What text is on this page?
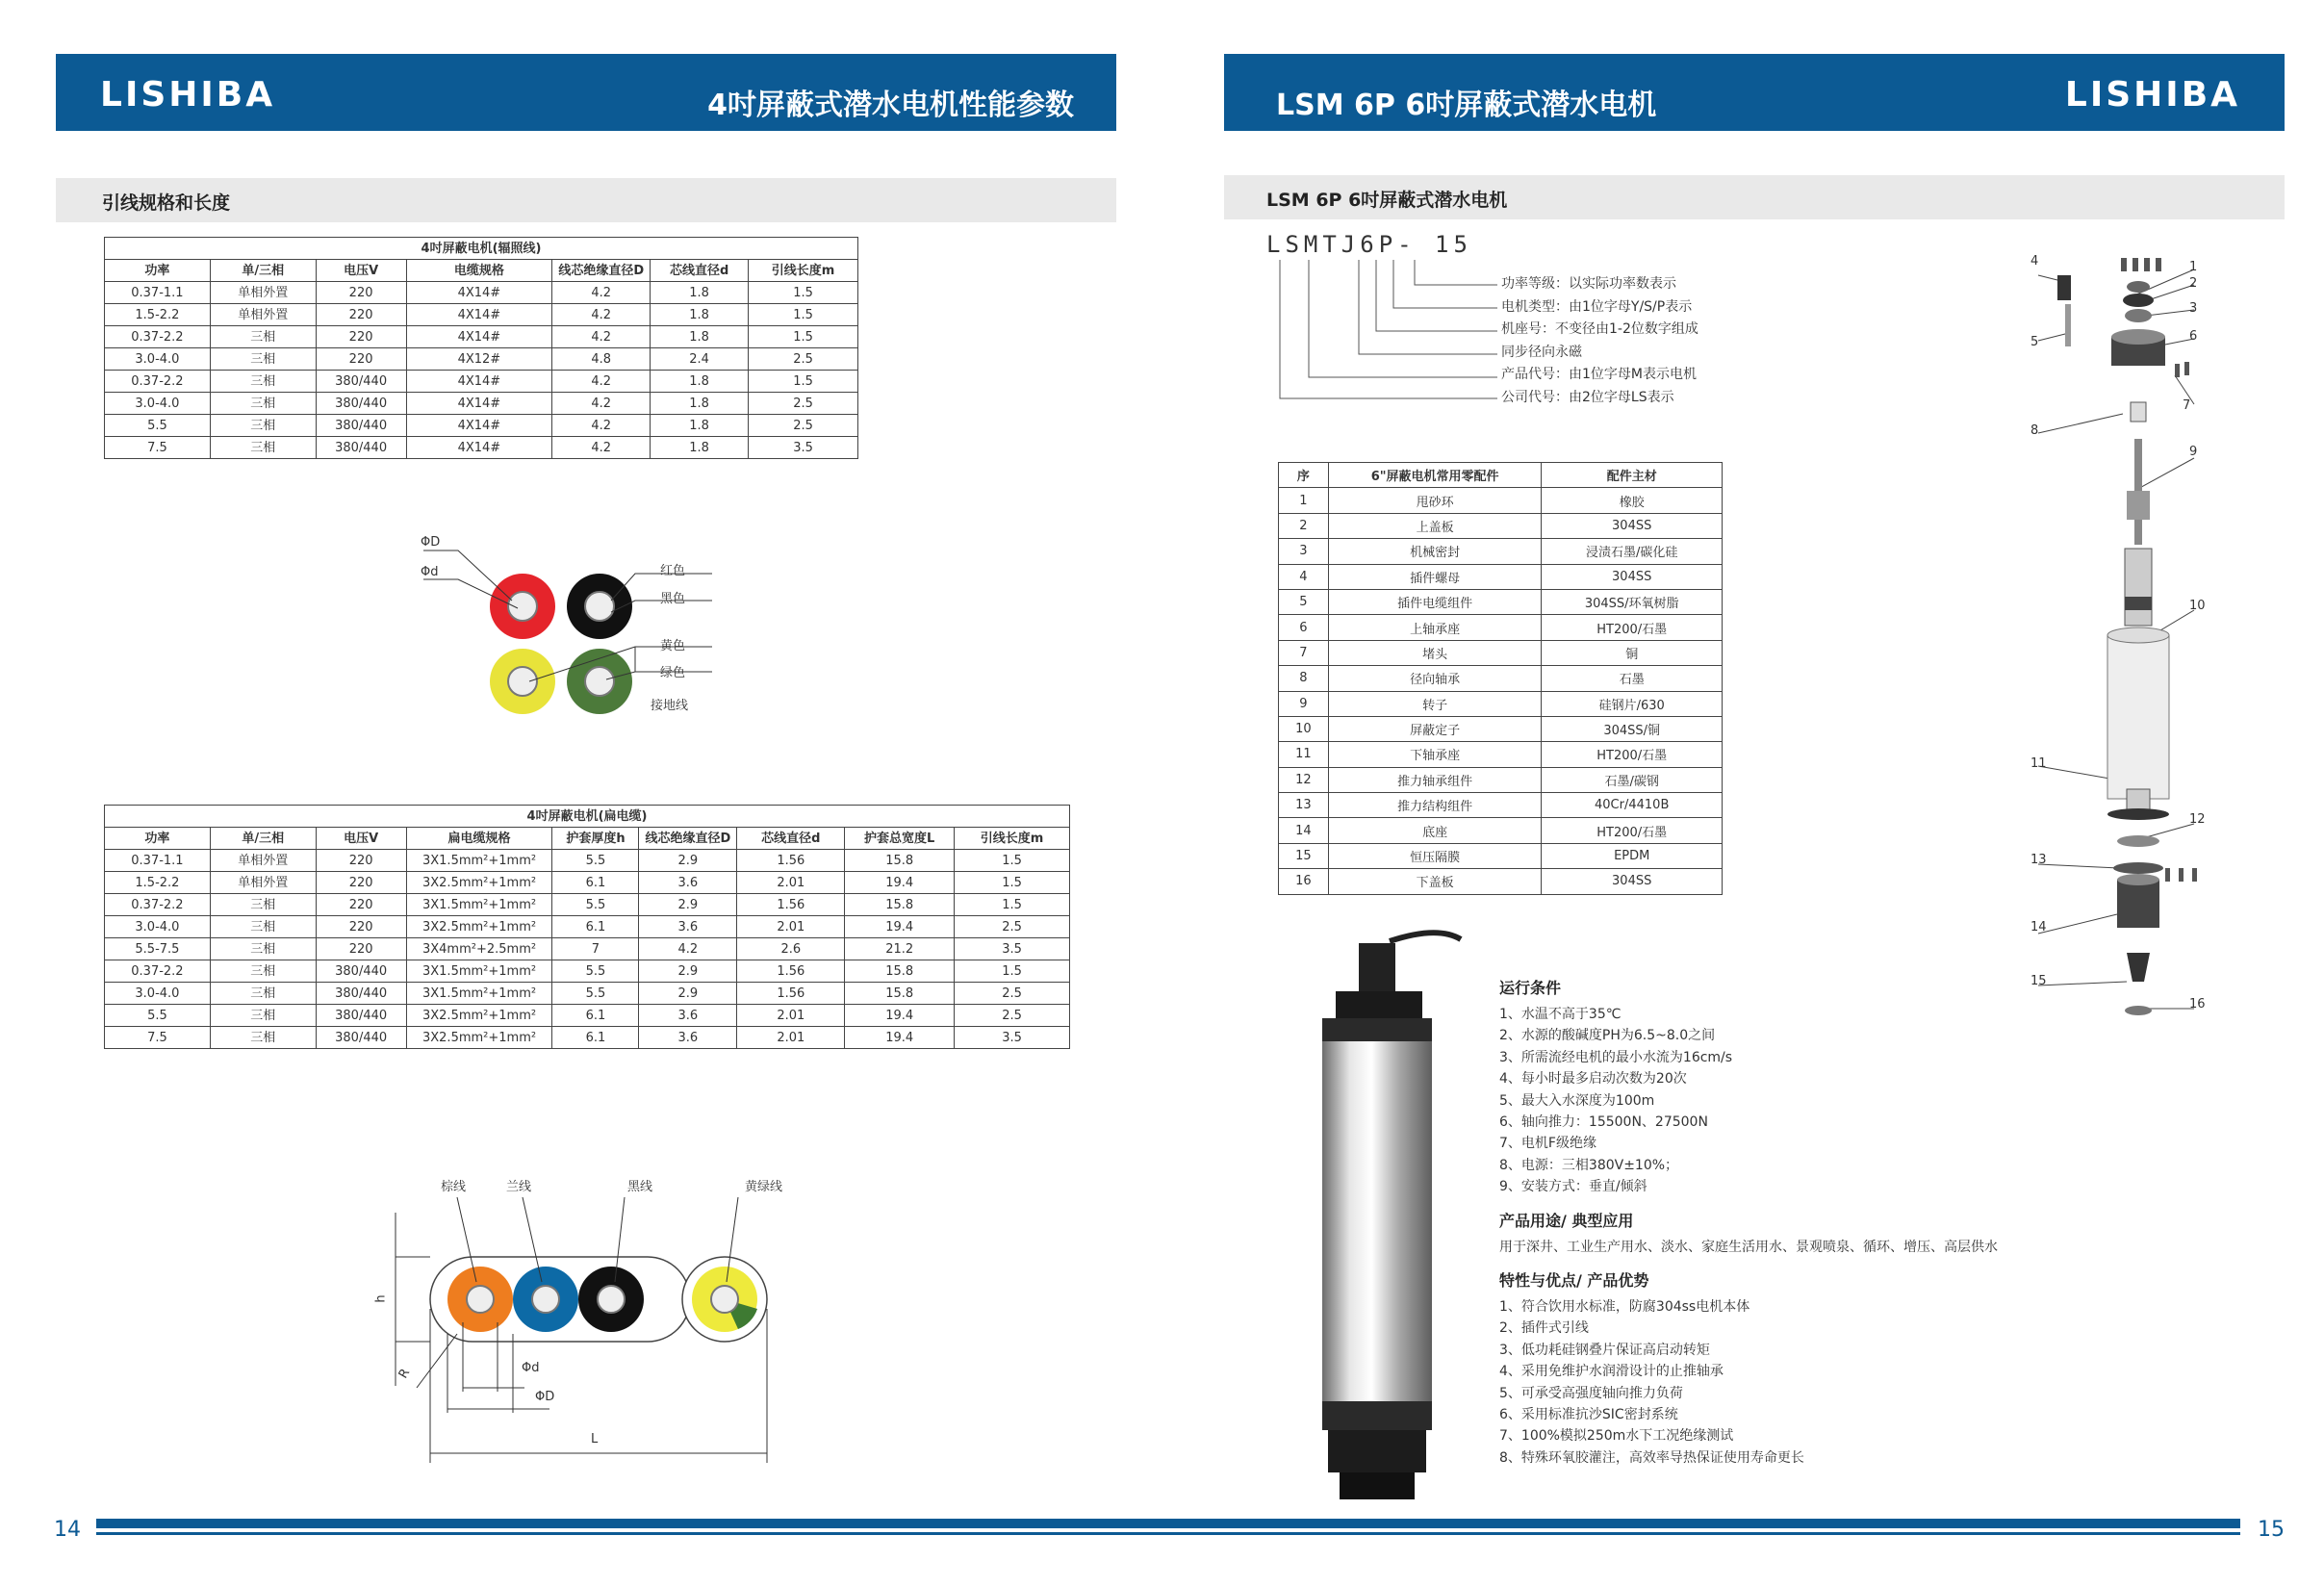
LISHIBA	4吋屏蔽式潜水电机性能参数
引线规格和长度
4吋屏蔽电机(辐照线)						
功率	单/三相	电压V	电缆规格	线芯绝缘直径D	芯线直径d	引线长度m
0.37-1.1	单相外置	220	4X14#	4.2	1.8	1.5
1.5-2.2	单相外置	220	4X14#	4.2	1.8	1.5
0.37-2.2	三相	220	4X14#	4.2	1.8	1.5
3.0-4.0	三相	220	4X12#	4.8	2.4	2.5
0.37-2.2	三相	380/440	4X14#	4.2	1.8	1.5
3.0-4.0	三相	380/440	4X14#	4.2	1.8	2.5
5.5	三相	380/440	4X14#	4.2	1.8	2.5
7.5	三相	380/440	4X14#	4.2	1.8	3.5
ΦD
Φd	红色
黑色
黄色
绿色
接地线
4吋屏蔽电机(扁电缆)								
功率	单/三相	电压V	扁电缆规格	护套厚度h	线芯绝缘直径D	芯线直径d	护套总宽度L	引线长度m
0.37-1.1	单相外置	220	3X1.5mm²+1mm²	5.5	2.9	1.56	15.8	1.5
1.5-2.2	单相外置	220	3X2.5mm²+1mm²	6.1	3.6	2.01	19.4	1.5
0.37-2.2	三相	220	3X1.5mm²+1mm²	5.5	2.9	1.56	15.8	1.5
3.0-4.0	三相	220	3X2.5mm²+1mm²	6.1	3.6	2.01	19.4	2.5
5.5-7.5	三相	220	3X4mm²+2.5mm²	7	4.2	2.6	21.2	3.5
0.37-2.2	三相	380/440	3X1.5mm²+1mm²	5.5	2.9	1.56	15.8	1.5
3.0-4.0	三相	380/440	3X1.5mm²+1mm²	5.5	2.9	1.56	15.8	2.5
5.5	三相	380/440	3X2.5mm²+1mm²	6.1	3.6	2.01	19.4	2.5
7.5	三相	380/440	3X2.5mm²+1mm²	6.1	3.6	2.01	19.4	3.5
棕线	兰线	黑线	黄绿线
h
R	Φd
ΦD
L
14
LSM 6P 6吋屏蔽式潜水电机	LISHIBA
LSM 6P 6吋屏蔽式潜水电机
LSMTJ6P- 15
功率等级：以实际功率数表示
电机类型：由1位字母Y/S/P表示
机座号：不变径由1-2位数字组成
同步径向永磁
产品代号：由1位字母M表示电机
公司代号：由2位字母LS表示
序	6"屏蔽电机常用零配件	配件主材
1	甩砂环	橡胶
2	上盖板	304SS
3	机械密封	浸渍石墨/碳化硅
4	插件螺母	304SS
5	插件电缆组件	304SS/环氧树脂
6	上轴承座	HT200/石墨
7	堵头	铜
8	径向轴承	石墨
9	转子	硅钢片/630
10	屏蔽定子	304SS/铜
11	下轴承座	HT200/石墨
12	推力轴承组件	石墨/碳钢
13	推力结构组件	40Cr/4410B
14	底座	HT200/石墨
15	恒压隔膜	EPDM
16	下盖板	304SS
1
2
3
4
5	6
7
8
9
10
11
12
13
14
15
16
运行条件
1、水温不高于35℃
2、水源的酸碱度PH为6.5~8.0之间
3、所需流经电机的最小水流为16cm/s
4、每小时最多启动次数为20次
5、最大入水深度为100m
6、轴向推力：15500N、27500N
7、电机F级绝缘
8、电源：三相380V±10%；
9、安装方式：垂直/倾斜
产品用途/ 典型应用

用于深井、工业生产用水、淡水、家庭生活用水、景观喷泉、循环、增压、高层供水

特性与优点/ 产品优势
1、符合饮用水标准，防腐304ss电机本体
2、插件式引线
3、低功耗硅钢叠片保证高启动转矩
4、采用免维护水润滑设计的止推轴承
5、可承受高强度轴向推力负荷
6、采用标准抗沙SIC密封系统
7、100%模拟250m水下工况绝缘测试
8、特殊环氧胶灌注，高效率导热保证使用寿命更长
15
